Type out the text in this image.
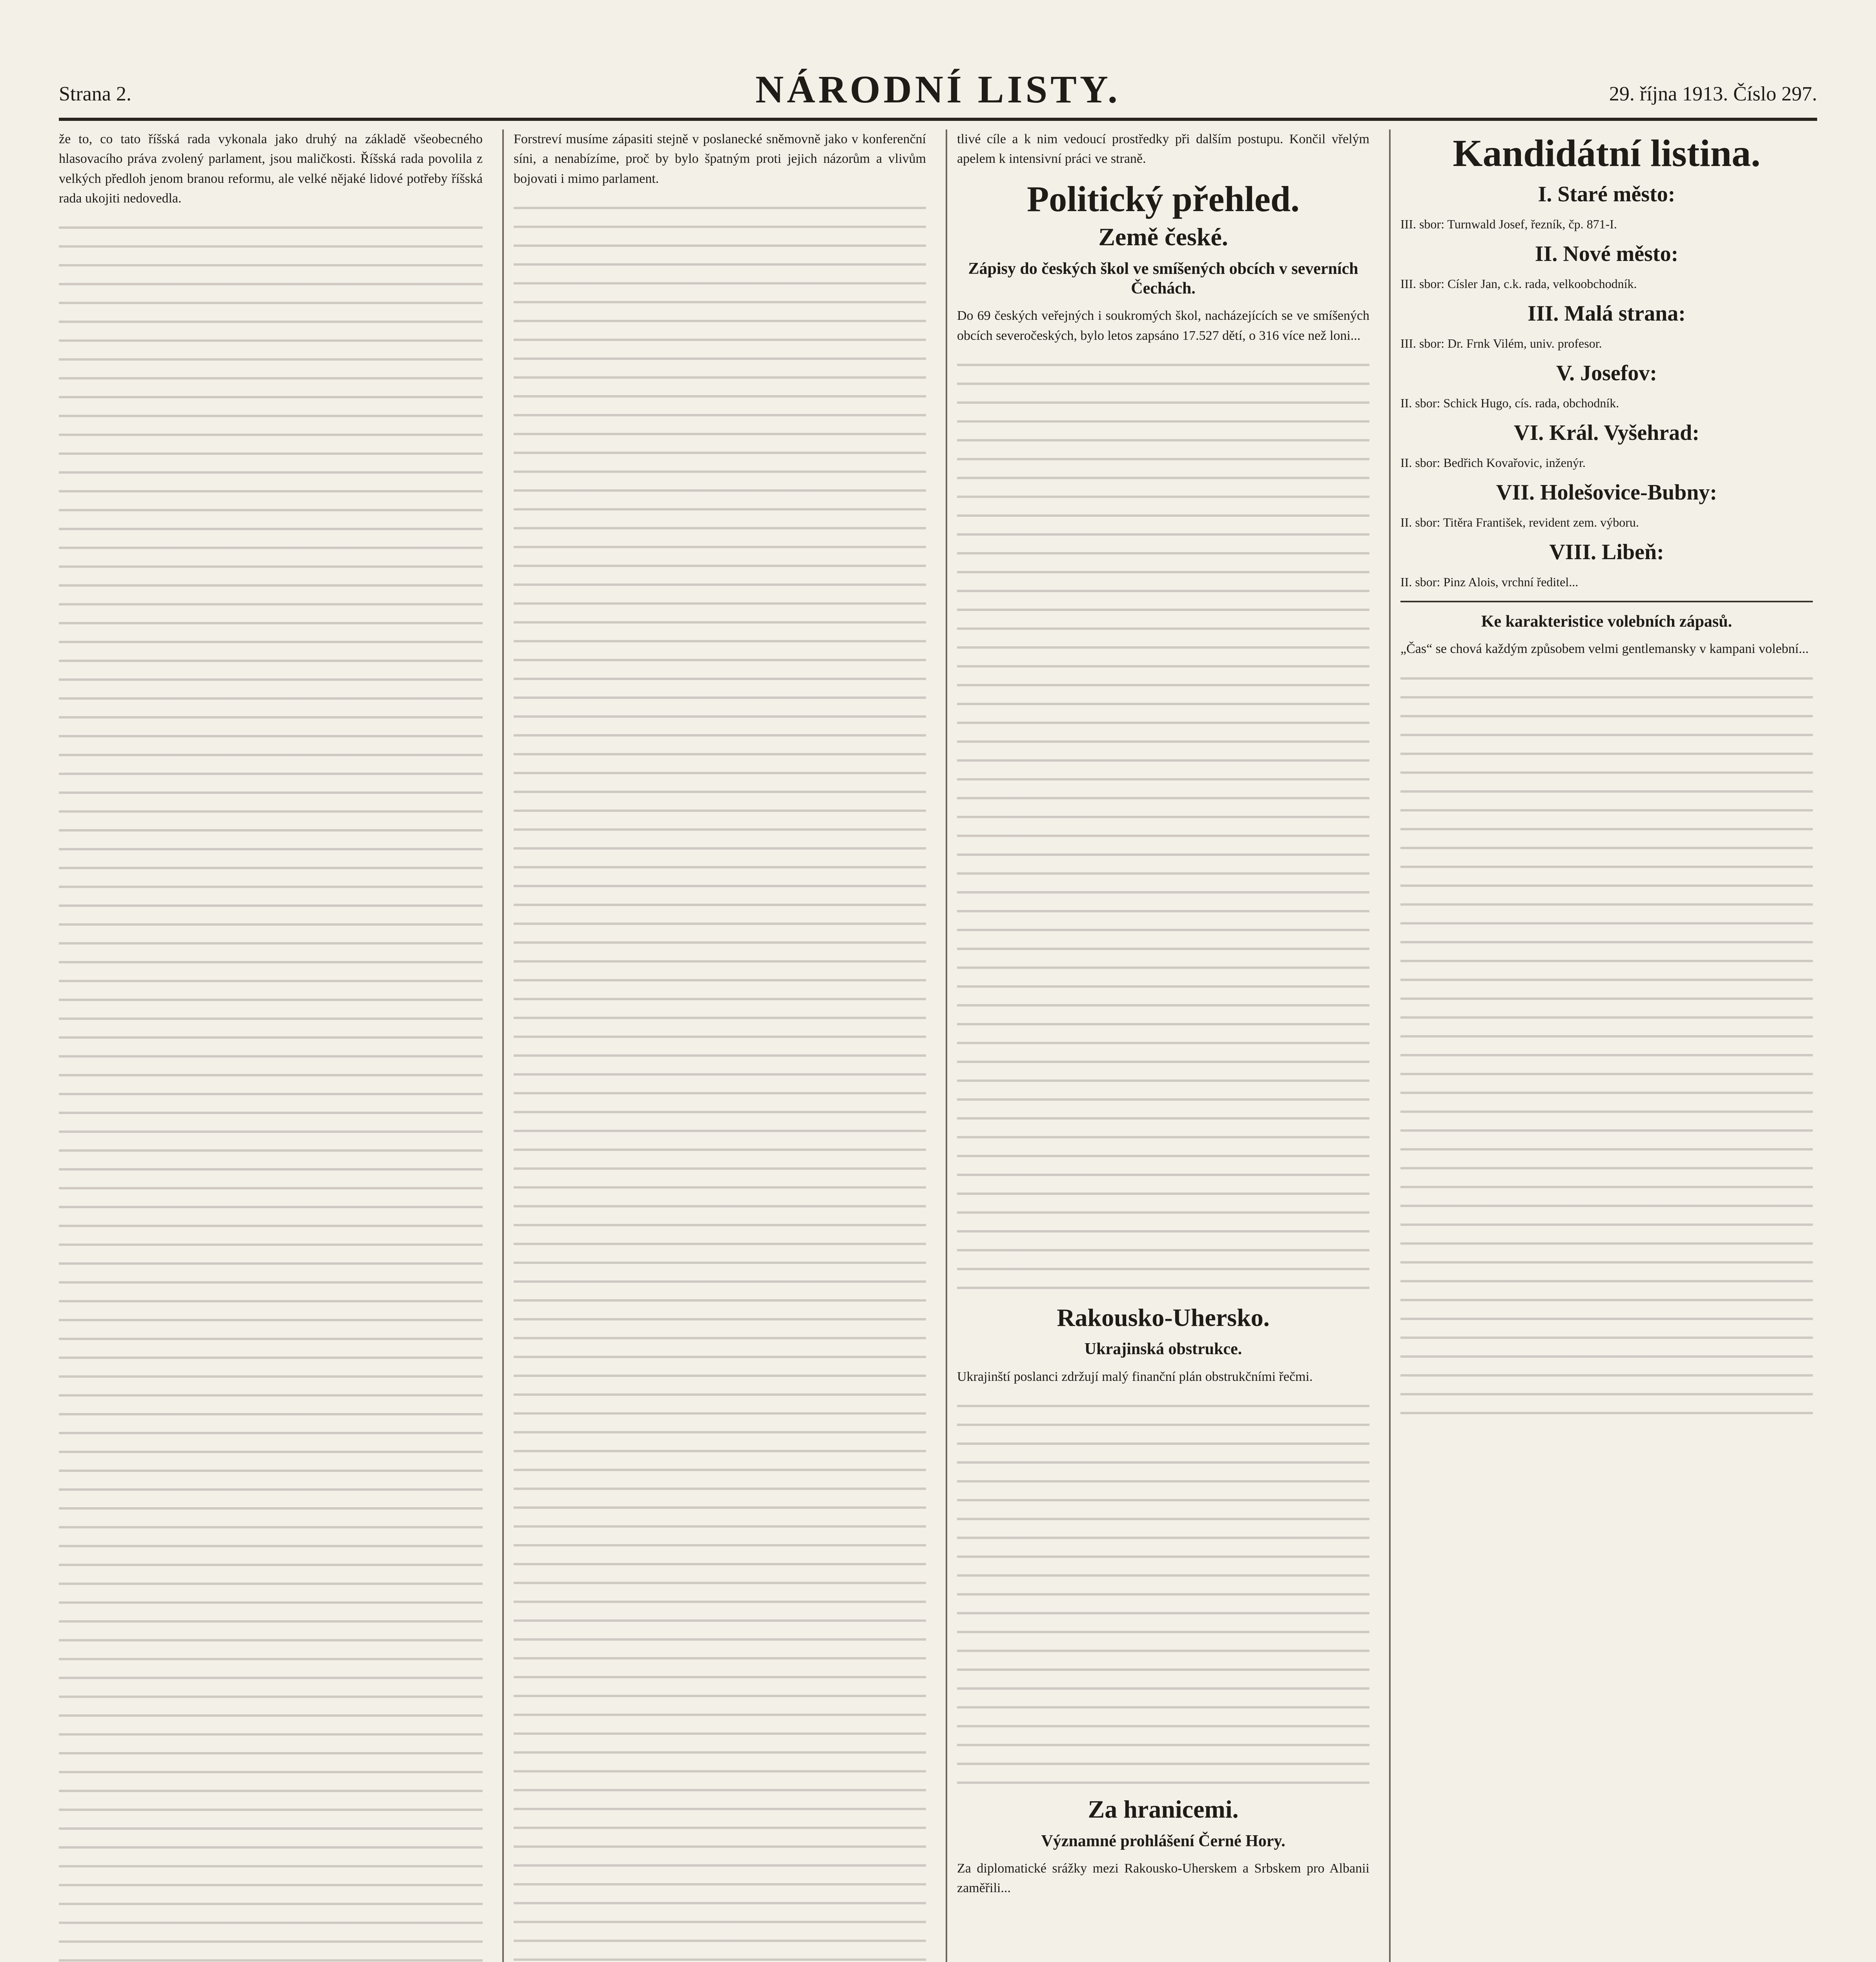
Strana 2.	NÁRODNÍ LISTY.	29. října 1913. Číslo 297.

že to, co tato říšská rada vykonala jako druhý na základě všeobecného hlasovacího práva zvolený parlament, jsou maličkosti. Říšská rada povolila z velkých předloh jenom branou reformu, ale velké nějaké lidové potřeby říšská rada ukojiti nedovedla.

Forstreví musíme zápasiti stejně v poslanecké sněmovně jako v konferenční síni, a nenabízíme, proč by bylo špatným proti jejich názorům a vlivům bojovati i mimo parlament.

tlivé cíle a k nim vedoucí prostředky při dalším postupu. Končil vřelým apelem k intensivní práci ve straně.

Politický přehled.
Země české.
Zápisy do českých škol ve smíšených obcích v severních Čechách.

Do 69 českých veřejných i soukromých škol, nacházejících se ve smíšených obcích severočeských, bylo letos zapsáno 17.527 dětí, o 316 více než loni...

Rakousko-Uhersko.
Ukrajinská obstrukce.

Ukrajinští poslanci zdržují malý finanční plán obstrukčními řečmi.

Za hranicemi.
Významné prohlášení Černé Hory.

Za diplomatické srážky mezi Rakousko-Uherskem a Srbskem pro Albanii zaměřili...

Kandidátní listina.
I. Staré město:
III. sbor: Turnwald Josef, řezník, čp. 871-I.
II. Nové město:
III. sbor: Císler Jan, c.k. rada, velkoobchodník.
III. Malá strana:
III. sbor: Dr. Frnk Vilém, univ. profesor.
V. Josefov:
II. sbor: Schick Hugo, cís. rada, obchodník.
VI. Král. Vyšehrad:
II. sbor: Bedřich Kovařovic, inženýr.
VII. Holešovice-Bubny:
II. sbor: Titěra František, revident zem. výboru.
VIII. Libeň:
II. sbor: Pinz Alois, vrchní ředitel...
Ke karakteristice volebních zápasů.

„Čas“ se chová každým způsobem velmi gentlemansky v kampani volební...
